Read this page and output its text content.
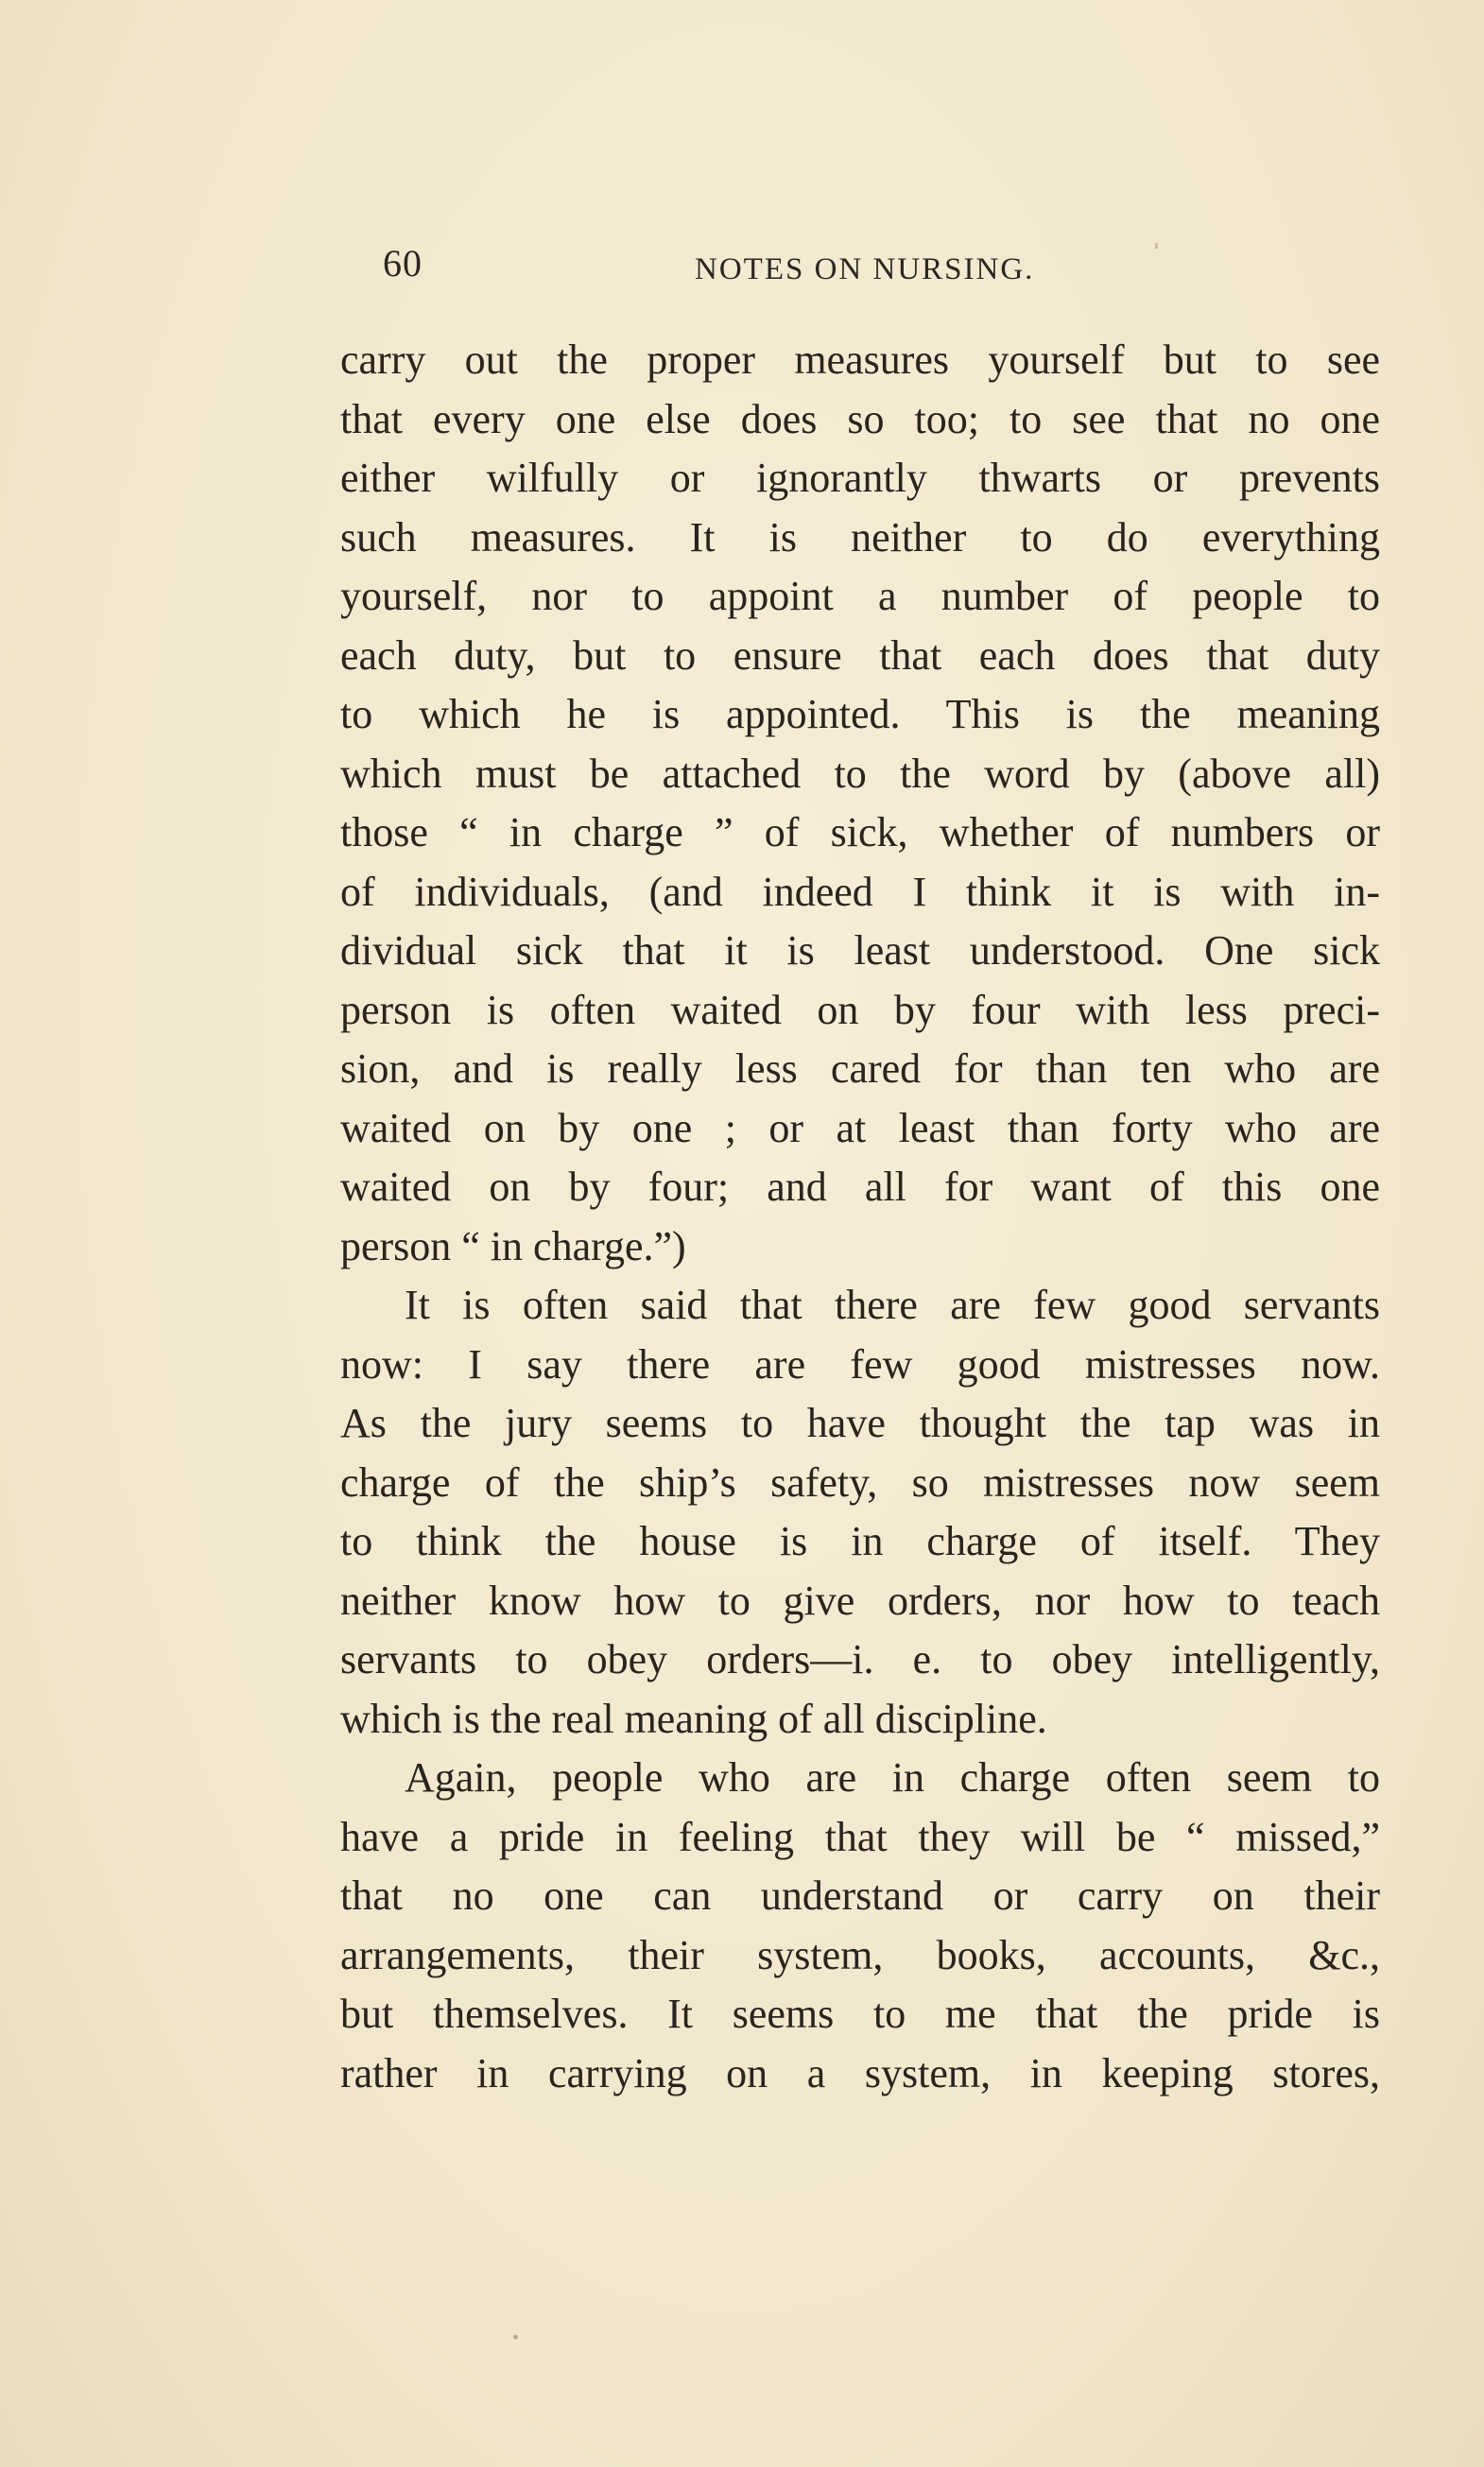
60	NOTES ON NURSING.
carry out the proper measures yourself but to see
that every one else does so too; to see that no one
either wilfully or ignorantly thwarts or prevents
such measures. It is neither to do everything
yourself, nor to appoint a number of people to
each duty, but to ensure that each does that duty
to which he is appointed. This is the meaning
which must be attached to the word by (above all)
those “ in charge ” of sick, whether of numbers or
of individuals, (and indeed I think it is with in-
dividual sick that it is least understood. One sick
person is often waited on by four with less preci-
sion, and is really less cared for than ten who are
waited on by one ; or at least than forty who are
waited on by four; and all for want of this one
person “ in charge.”)
It is often said that there are few good servants
now: I say there are few good mistresses now.
As the jury seems to have thought the tap was in
charge of the ship’s safety, so mistresses now seem
to think the house is in charge of itself. They
neither know how to give orders, nor how to teach
servants to obey orders—i. e. to obey intelligently,
which is the real meaning of all discipline.
Again, people who are in charge often seem to
have a pride in feeling that they will be “ missed,”
that no one can understand or carry on their
arrangements, their system, books, accounts, &c.,
but themselves. It seems to me that the pride is
rather in carrying on a system, in keeping stores,
